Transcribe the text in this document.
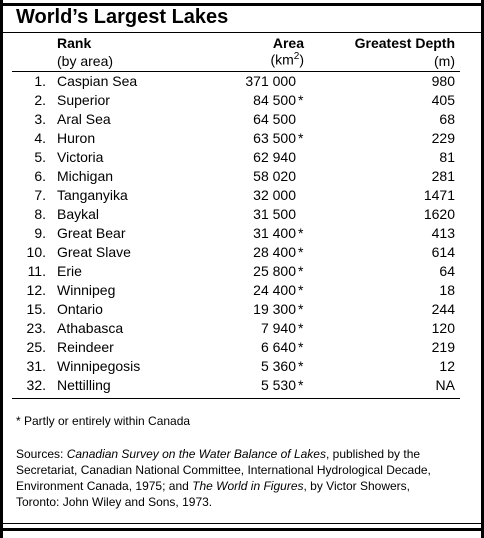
World’s Largest Lakes
Rank
(by area)
Area
$(km^2)$
Greatest Depth
(m)
1. Caspian Sea	371 000	980
2. Superior	84 500 *	405
3. Aral Sea	64 500	68
4. Huron	63 500 *	229
5. Victoria	62 940	81
6. Michigan	58 020	281
7. Tanganyika	32 000	1471
8. Baykal	31 500	1620
9. Great Bear	31 400 *	413
10. Great Slave	28 400 *	614
11. Erie	25 800 *	64
12. Winnipeg	24 400 *	18
15. Ontario	19 300 *	244
23. Athabasca	7 940 *	120
25. Reindeer	6 640 *	219
31. Winnipegosis	5 360 *	12
32. Nettilling	5 530 *	NA
* Partly or entirely within Canada
Sources: Canadian Survey on the Water Balance of Lakes, published by the Secretariat, Canadian National Committee, International Hydrological Decade, Environment Canada, 1975; and The World in Figures, by Victor Showers, Toronto: John Wiley and Sons, 1973.
